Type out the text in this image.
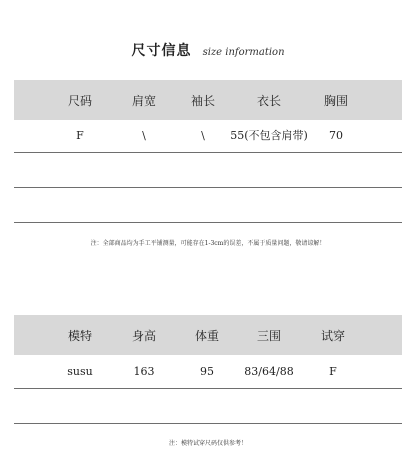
尺寸信息 size information
尺码	肩宽	袖长	衣长	胸围
F	\	\	55(不包含肩带)	70
注：全部商品均为手工平铺测量，可能存在1-3cm的误差，不属于质量问题，敬请谅解！
模特	身高	体重	三围	试穿
susu	163	95	83/64/88	F
注：模特试穿尺码仅供参考！
